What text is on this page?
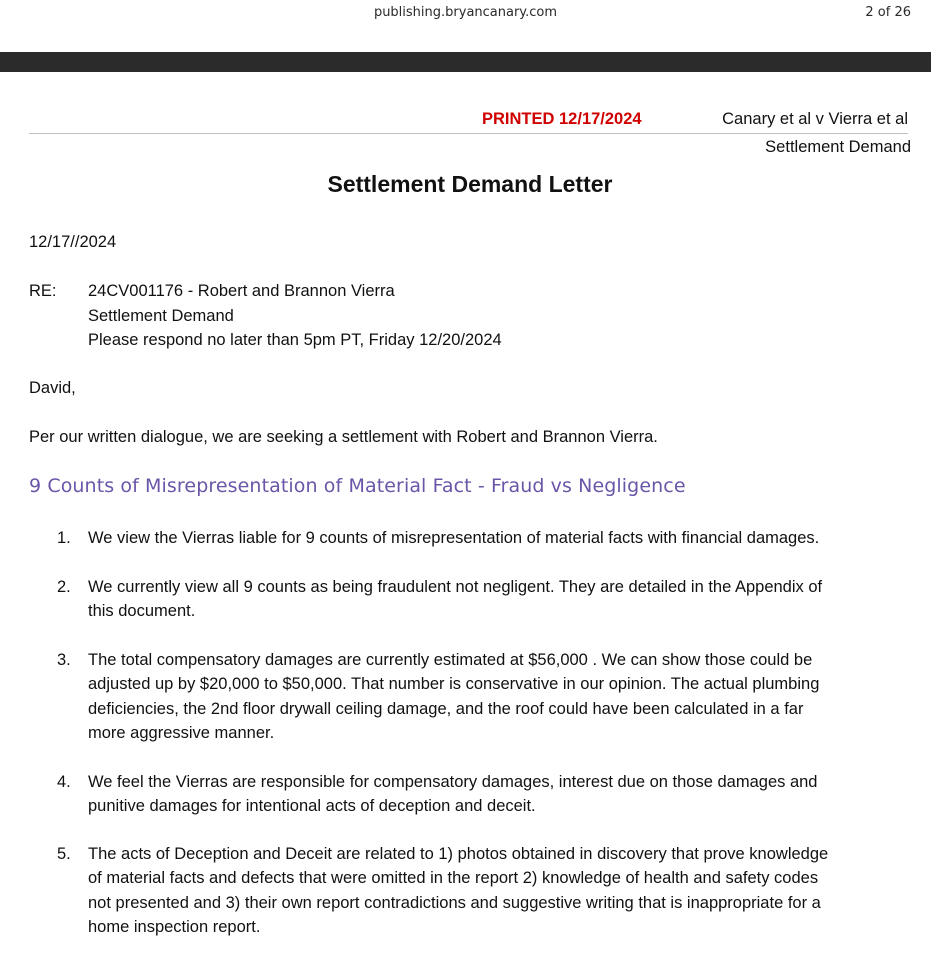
publishing.bryancanary.com	2 of 26
PRINTED 12/17/2024	Canary et al v Vierra et al
Settlement Demand
Settlement Demand Letter
12/17//2024
RE: 24CV001176 - Robert and Brannon Vierra
Settlement Demand
Please respond no later than 5pm PT, Friday 12/20/2024
David,
Per our written dialogue, we are seeking a settlement with Robert and Brannon Vierra.
9 Counts of Misrepresentation of Material Fact - Fraud vs Negligence
1. We view the Vierras liable for 9 counts of misrepresentation of material facts with financial damages.
2. We currently view all 9 counts as being fraudulent not negligent. They are detailed in the Appendix of
this document.
3. The total compensatory damages are currently estimated at $56,000 . We can show those could be
adjusted up by $20,000 to $50,000. That number is conservative in our opinion. The actual plumbing
deficiencies, the 2nd floor drywall ceiling damage, and the roof could have been calculated in a far
more aggressive manner.
4. We feel the Vierras are responsible for compensatory damages, interest due on those damages and
punitive damages for intentional acts of deception and deceit.
5. The acts of Deception and Deceit are related to 1) photos obtained in discovery that prove knowledge
of material facts and defects that were omitted in the report 2) knowledge of health and safety codes
not presented and 3) their own report contradictions and suggestive writing that is inappropriate for a
home inspection report.
